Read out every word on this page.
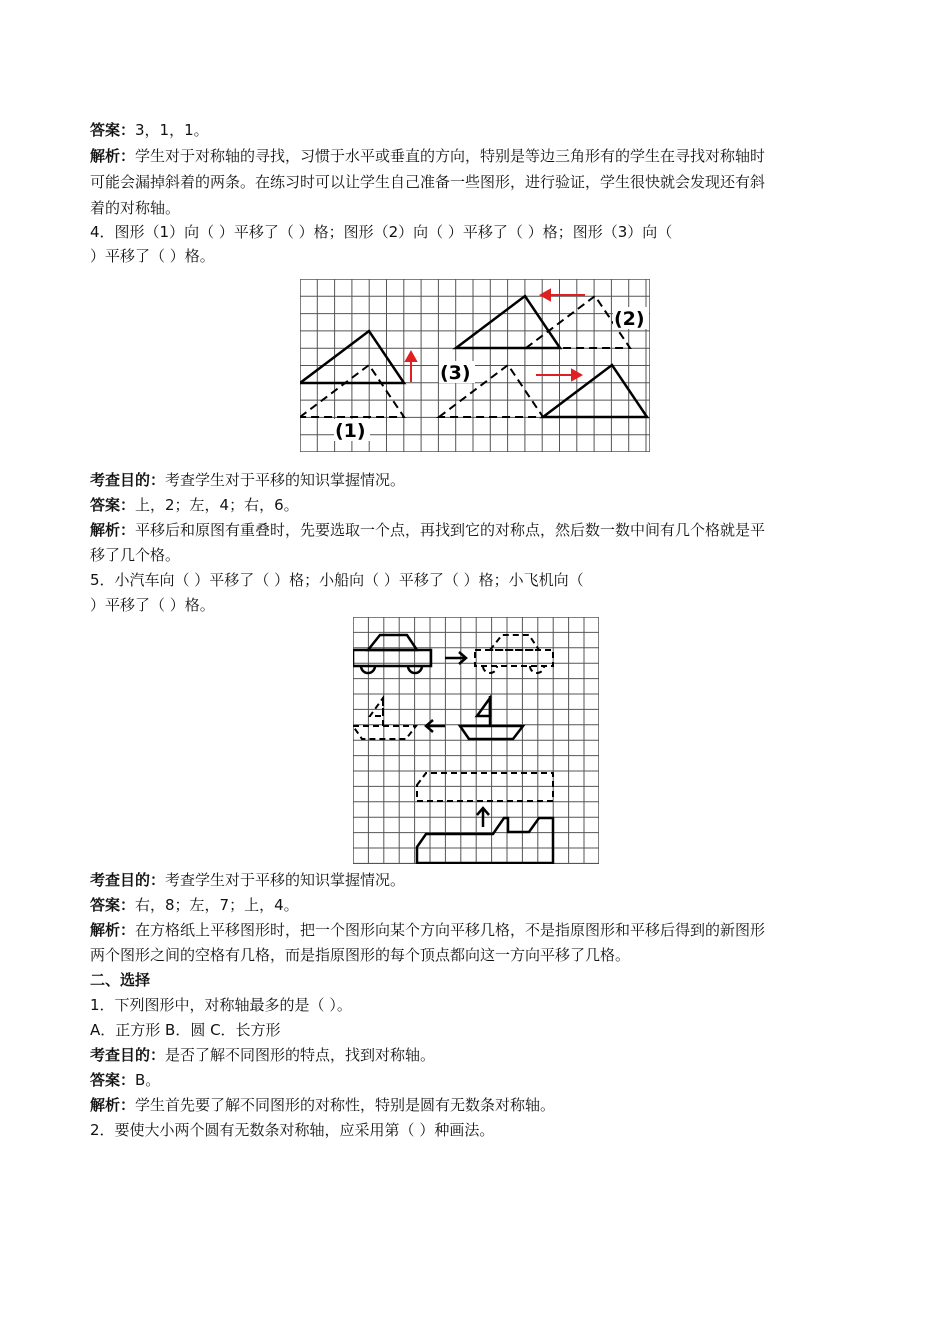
答案：3，1，1。
解析：学生对于对称轴的寻找，习惯于水平或垂直的方向，特别是等边三角形有的学生在寻找对称轴时
可能会漏掉斜着的两条。在练习时可以让学生自己准备一些图形，进行验证，学生很快就会发现还有斜
着的对称轴。
4．图形（1）向（ ）平移了（ ）格；图形（2）向（ ）平移了（ ）格；图形（3）向（
）平移了（ ）格。
(2)
(3)
(1)
考查目的：考查学生对于平移的知识掌握情况。
答案：上，2；左，4；右，6。
解析：平移后和原图有重叠时，先要选取一个点，再找到它的对称点，然后数一数中间有几个格就是平
移了几个格。
5．小汽车向（ ）平移了（ ）格；小船向（ ）平移了（ ）格；小飞机向（
）平移了（ ）格。
考查目的：考查学生对于平移的知识掌握情况。
答案：右，8；左，7；上，4。
解析：在方格纸上平移图形时，把一个图形向某个方向平移几格，不是指原图形和平移后得到的新图形
两个图形之间的空格有几格，而是指原图形的每个顶点都向这一方向平移了几格。
二、选择
1．下列图形中，对称轴最多的是（ ）。
A．正方形 B．圆 C．长方形
考查目的：是否了解不同图形的特点，找到对称轴。
答案：B。
解析：学生首先要了解不同图形的对称性，特别是圆有无数条对称轴。
2．要使大小两个圆有无数条对称轴，应采用第（ ）种画法。
